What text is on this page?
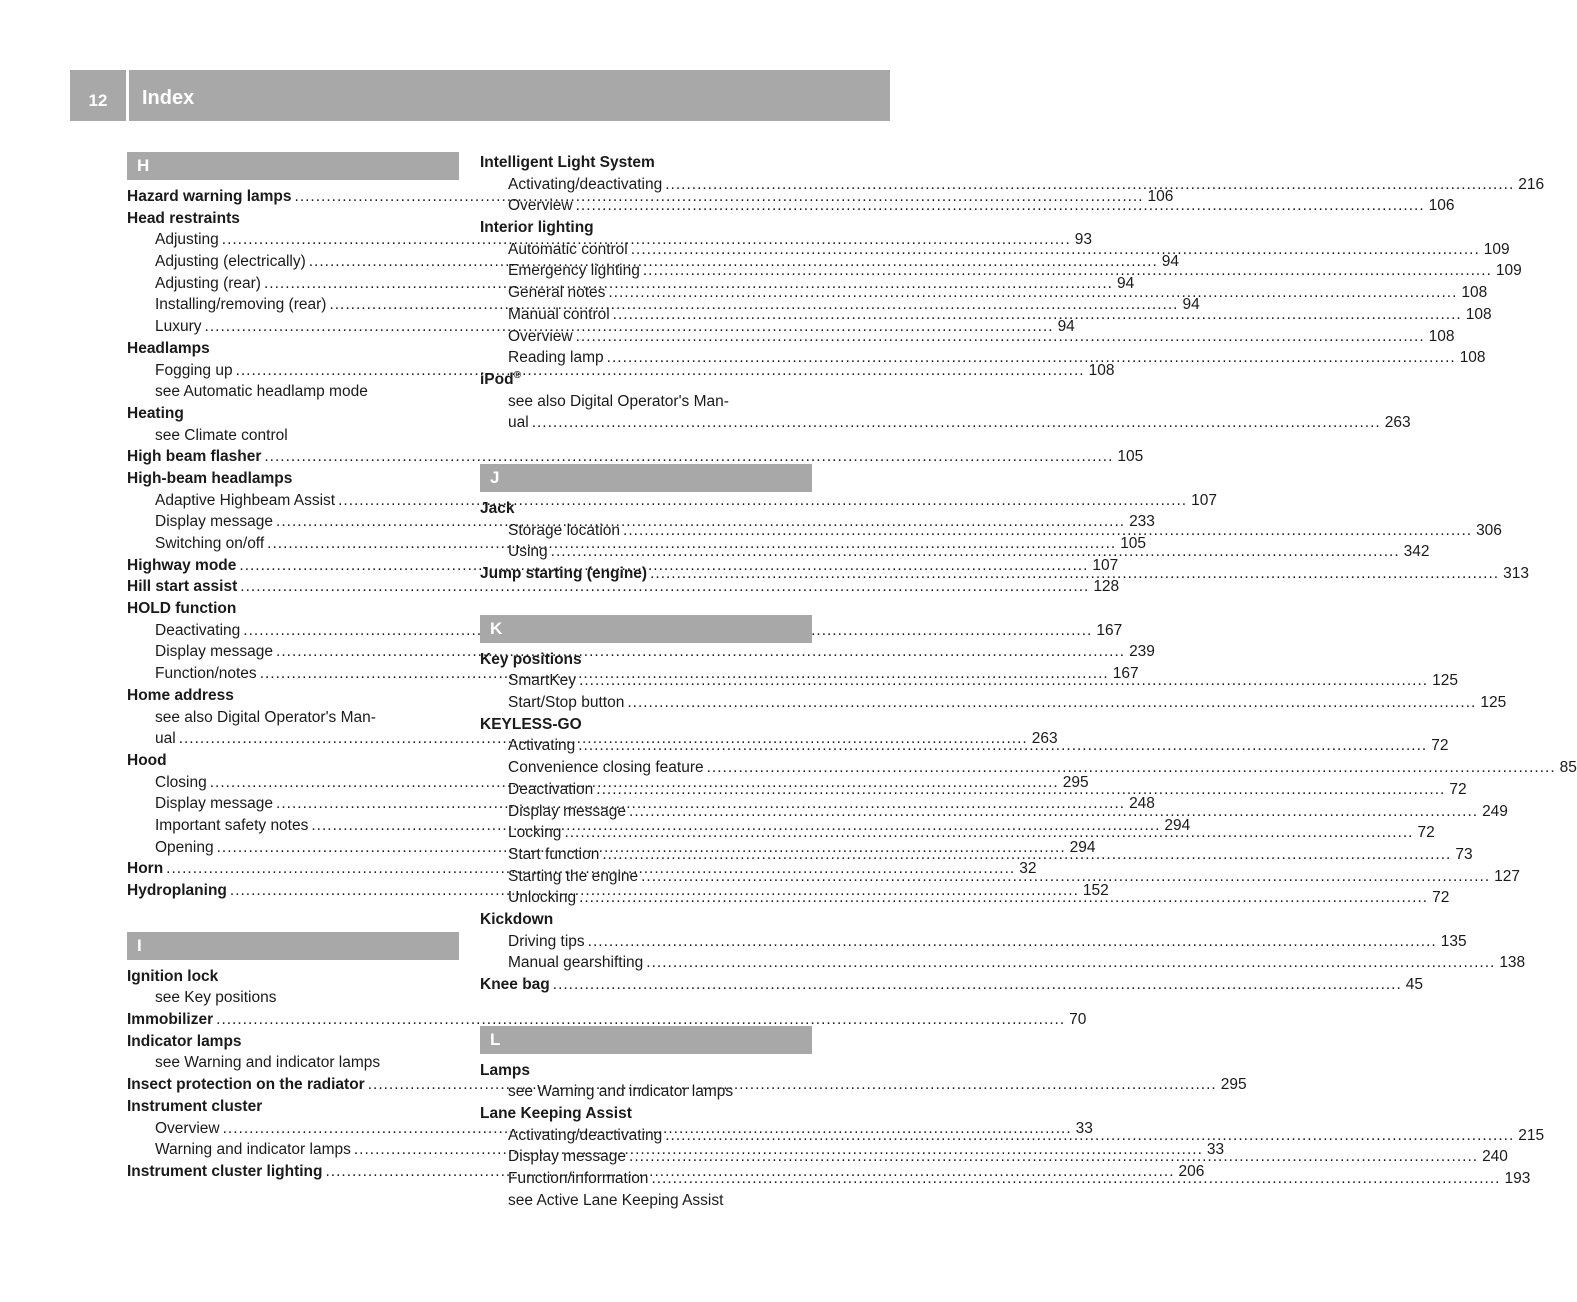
12	Index
H
Hazard warning lamps .....	106
Head restraints
Adjusting .....	93
Adjusting (electrically) .....	94
Adjusting (rear) .....	94
Installing/removing (rear) .....	94
Luxury .....	94
Headlamps
Fogging up .....	108
see Automatic headlamp mode
Heating
see Climate control
High beam flasher .....	105
High-beam headlamps
Adaptive Highbeam Assist .....	107
Display message .....	233
Switching on/off .....	105
Highway mode .....	107
Hill start assist .....	128
HOLD function
Deactivating .....	167
Display message .....	239
Function/notes .....	167
Home address
see also Digital Operator's Man-
ual .....	263
Hood
Closing .....	295
Display message .....	248
Important safety notes .....	294
Opening .....	294
Horn .....	32
Hydroplaning .....	152
I
Ignition lock
see Key positions
Immobilizer .....	70
Indicator lamps
see Warning and indicator lamps
Insect protection on the radiator .....	295
Instrument cluster
Overview .....	33
Warning and indicator lamps .....	33
Instrument cluster lighting .....	206
Intelligent Light System
Activating/deactivating .....	216
Overview .....	106
Interior lighting
Automatic control .....	109
Emergency lighting .....	109
General notes .....	108
Manual control .....	108
Overview .....	108
Reading lamp .....	108
iPod®
see also Digital Operator's Man-
ual .....	263
J
Jack
Storage location .....	306
Using .....	342
Jump starting (engine) .....	313
K
Key positions
SmartKey .....	125
Start/Stop button .....	125
KEYLESS-GO
Activating .....	72
Convenience closing feature .....	85
Deactivation .....	72
Display message .....	249
Locking .....	72
Start function .....	73
Starting the engine .....	127
Unlocking .....	72
Kickdown
Driving tips .....	135
Manual gearshifting .....	138
Knee bag .....	45
L
Lamps
see Warning and indicator lamps
Lane Keeping Assist
Activating/deactivating .....	215
Display message .....	240
Function/information .....	193
see Active Lane Keeping Assist
